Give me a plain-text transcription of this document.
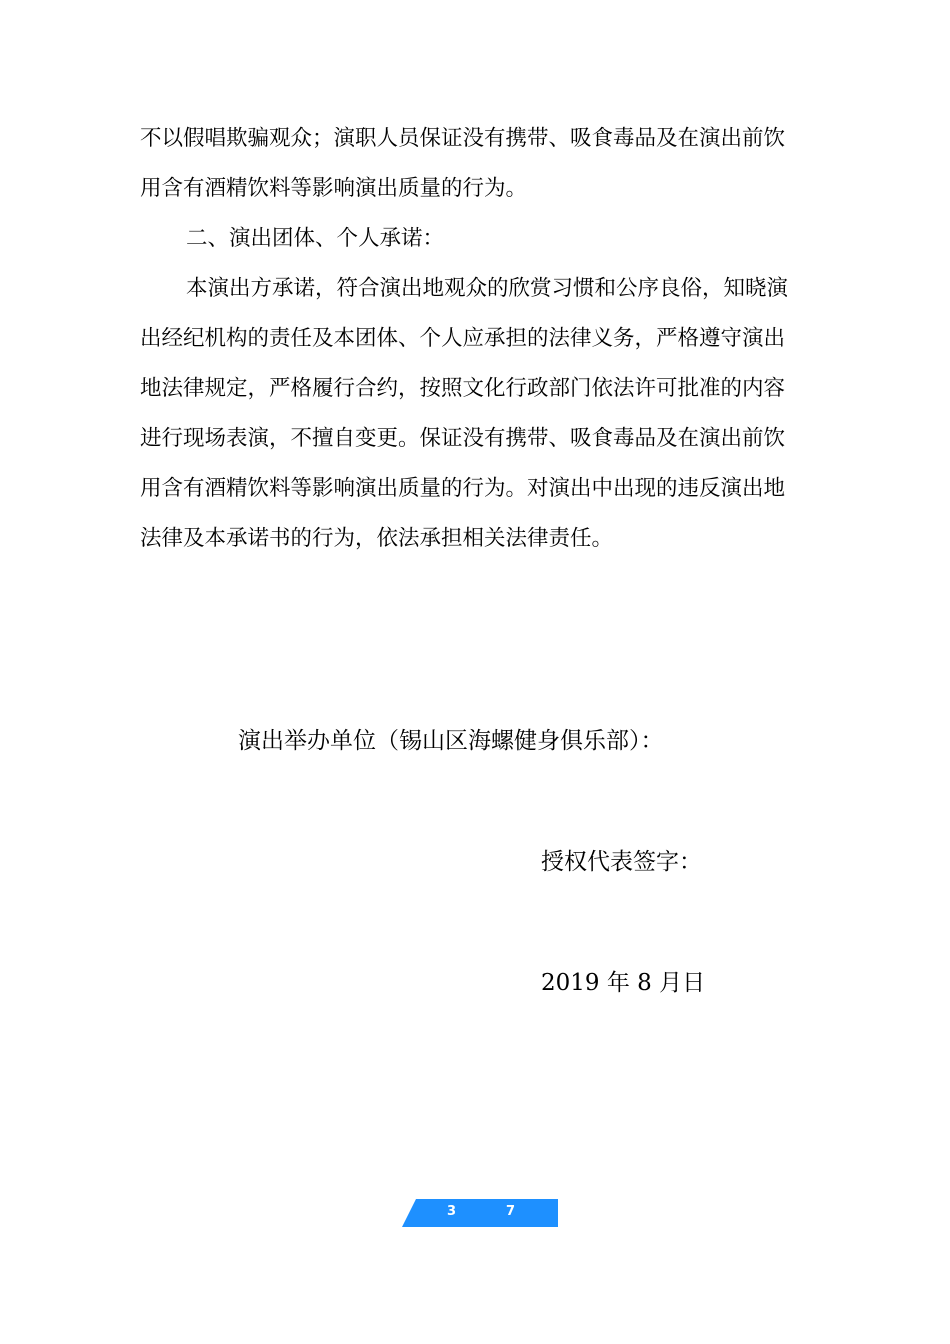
不以假唱欺骗观众；演职人员保证没有携带、吸食毒品及在演出前饮
用含有酒精饮料等影响演出质量的行为。

二、演出团体、个人承诺：

本演出方承诺，符合演出地观众的欣赏习惯和公序良俗，知晓演
出经纪机构的责任及本团体、个人应承担的法律义务，严格遵守演出
地法律规定，严格履行合约，按照文化行政部门依法许可批准的内容
进行现场表演，不擅自变更。保证没有携带、吸食毒品及在演出前饮
用含有酒精饮料等影响演出质量的行为。对演出中出现的违反演出地
法律及本承诺书的行为，依法承担相关法律责任。

演出举办单位（锡山区海螺健身俱乐部）：

授权代表签字：

2019 年 8 月日

3	7
